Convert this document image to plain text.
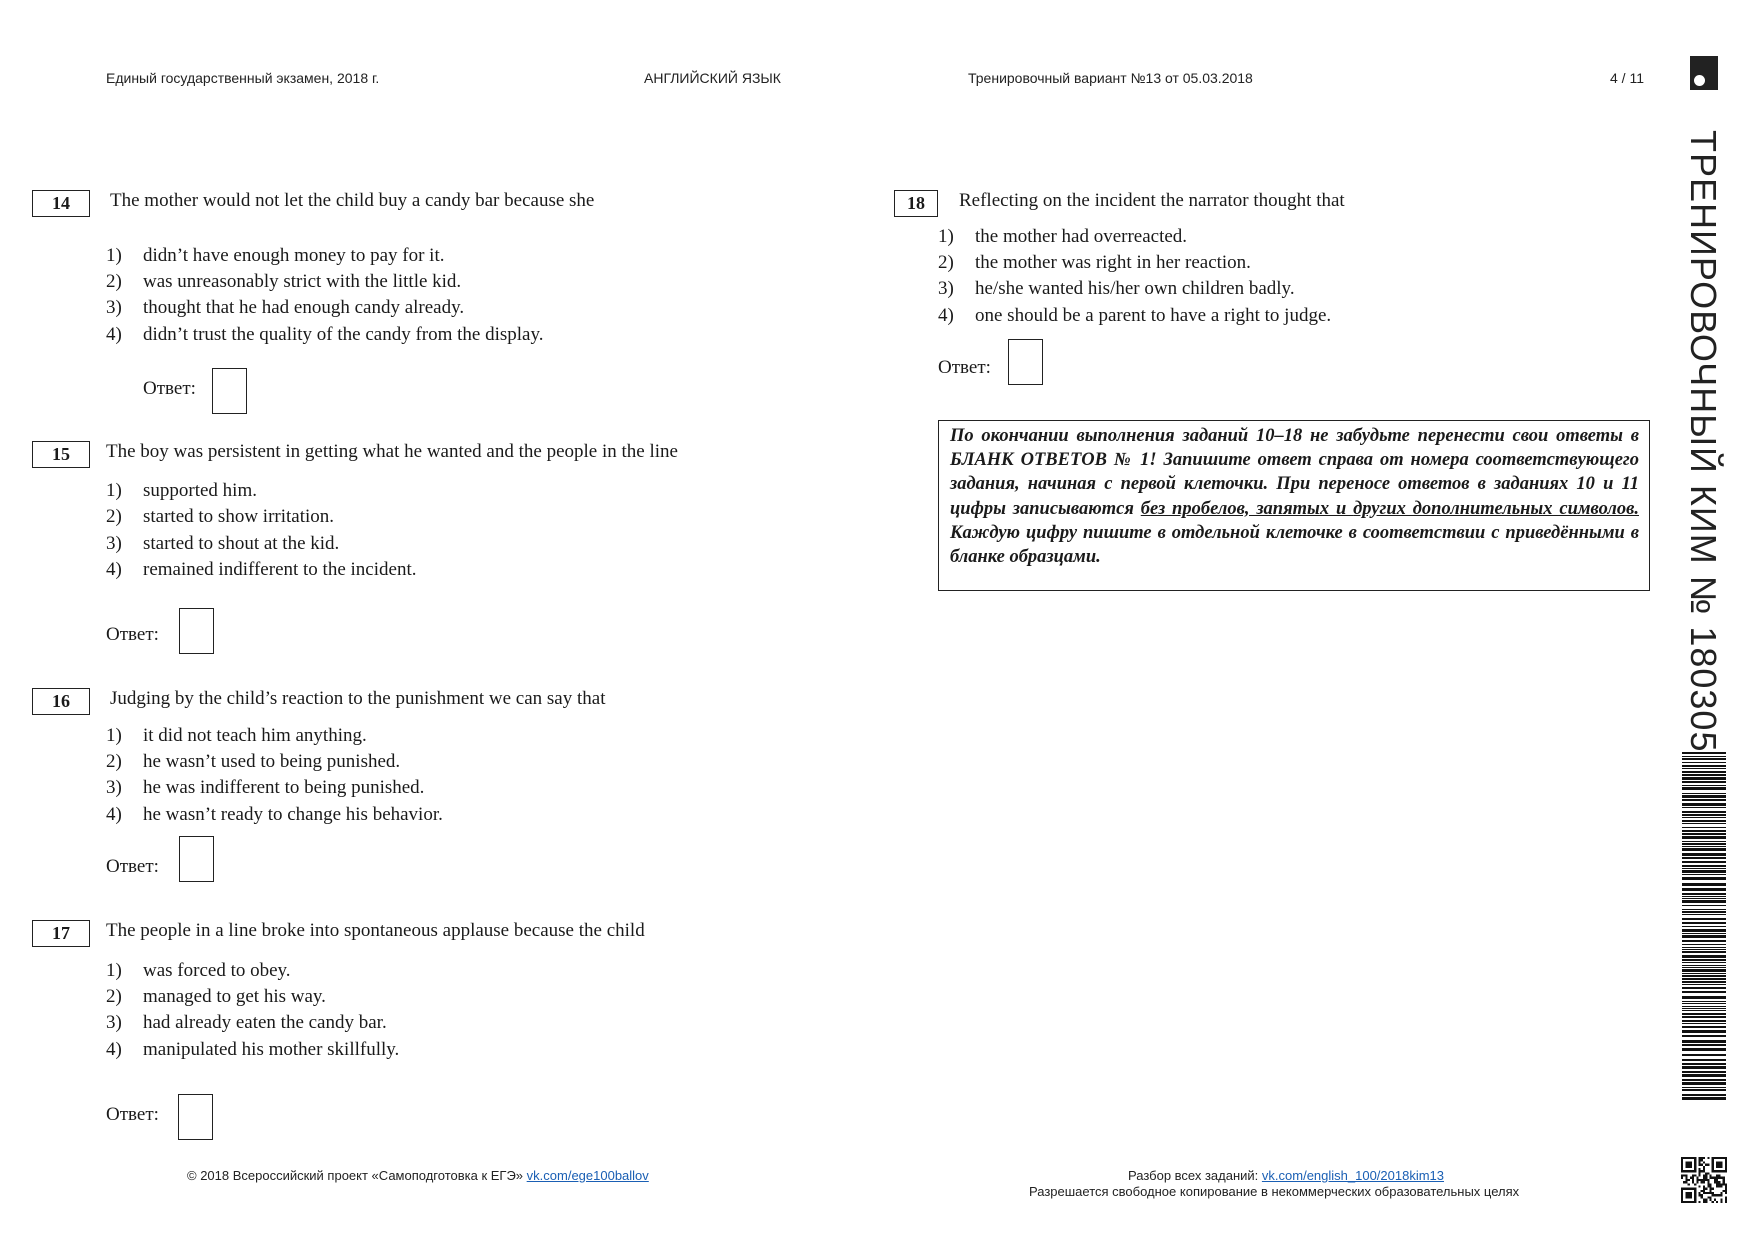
Единый государственный экзамен, 2018 г.	АНГЛИЙСКИЙ ЯЗЫК	Тренировочный вариант №13 от 05.03.2018	4 / 11
ТРЕНИРОВОЧНЫЙ КИМ № 180305
14	The mother would not let the child buy a candy bar because she
1) didn’t have enough money to pay for it.
2) was unreasonably strict with the little kid.
3) thought that he had enough candy already.
4) didn’t trust the quality of the candy from the display.
Ответ:
15	The boy was persistent in getting what he wanted and the people in the line
1) supported him.
2) started to show irritation.
3) started to shout at the kid.
4) remained indifferent to the incident.
Ответ:
16	Judging by the child’s reaction to the punishment we can say that
1) it did not teach him anything.
2) he wasn’t used to being punished.
3) he was indifferent to being punished.
4) he wasn’t ready to change his behavior.
Ответ:
17	The people in a line broke into spontaneous applause because the child
1) was forced to obey.
2) managed to get his way.
3) had already eaten the candy bar.
4) manipulated his mother skillfully.
Ответ:
18	Reflecting on the incident the narrator thought that
1) the mother had overreacted.
2) the mother was right in her reaction.
3) he/she wanted his/her own children badly.
4) one should be a parent to have a right to judge.
Ответ:
По окончании выполнения заданий 10–18 не забудьте перенести свои ответы в БЛАНК ОТВЕТОВ № 1! Запишите ответ справа от номера соответствующего задания, начиная с первой клеточки. При переносе ответов в заданиях 10 и 11 цифры записываются без пробелов, запятых и других дополнительных символов. Каждую цифру пишите в отдельной клеточке в соответствии с приведёнными в бланке образцами.
© 2018 Всероссийский проект «Самоподготовка к ЕГЭ» vk.com/ege100ballov	Разбор всех заданий: vk.com/english_100/2018kim13
Разрешается свободное копирование в некоммерческих образовательных целях
